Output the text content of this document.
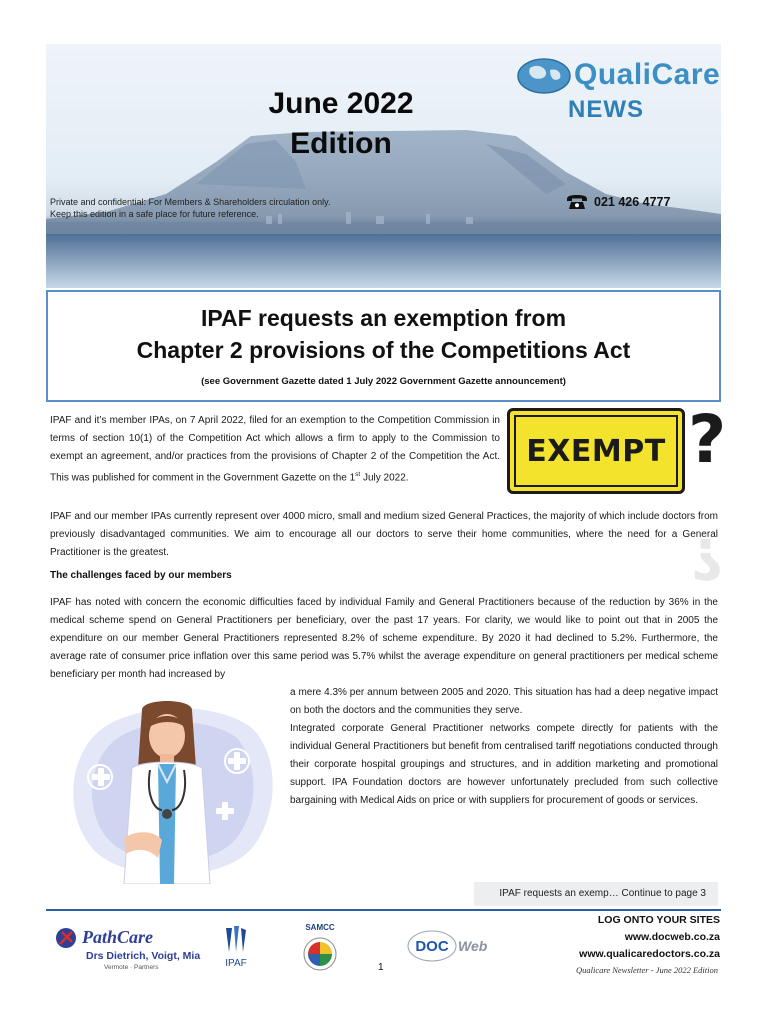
June 2022
Edition
Private and confidential: For Members & Shareholders circulation only.
Keep this edition in a safe place for future reference.
QualiCare
NEWS
021 426 4777
IPAF requests an exemption from
Chapter 2 provisions of the Competitions Act
(see Government Gazette dated 1 July 2022 Government Gazette announcement)
EXEMPT ?
?
IPAF and it’s member IPAs, on 7 April 2022, filed for an exemption to the Competition Commission in terms of section 10(1) of the Competition Act which allows a firm to apply to the Commission to exempt an agreement, and/or practices from the provisions of Chapter 2 of the Competition the Act. This was published for comment in the Government Gazette on the 1st July 2022.
IPAF and our member IPAs currently represent over 4000 micro, small and medium sized General Practices, the majority of which include doctors from previously disadvantaged communities. We aim to encourage all our doctors to serve their home communities, where the need for a General Practitioner is the greatest.
The challenges faced by our members
IPAF has noted with concern the economic difficulties faced by individual Family and General Practitioners because of the reduction by 36% in the medical scheme spend on General Practitioners per beneficiary, over the past 17 years. For clarity, we would like to point out that in 2005 the expenditure on our member General Practitioners represented 8.2% of scheme expenditure. By 2020 it had declined to 5.2%. Furthermore, the average rate of consumer price inflation over this same period was 5.7% whilst the average expenditure on general practitioners per medical scheme beneficiary per month had increased by
a mere 4.3% per annum between 2005 and 2020. This situation has had a deep negative impact on both the doctors and the communities they serve.
Integrated corporate General Practitioner networks compete directly for patients with the individual General Practitioners but benefit from centralised tariff negotiations conducted through their corporate hospital groupings and structures, and in addition marketing and promotional support. IPA Foundation doctors are however unfortunately precluded from such collective bargaining with Medical Aids on price or with suppliers for procurement of goods or services.
IPAF requests an exemp… Continue to page 3
PathCare
Drs Dietrich, Voigt, Mia
Vermote · Partners	IPAF
SAMCC
DOC Web
LOG ONTO YOUR SITES
www.docweb.co.za
www.qualicaredoctors.co.za
1	Qualicare Newsletter - June 2022 Edition
